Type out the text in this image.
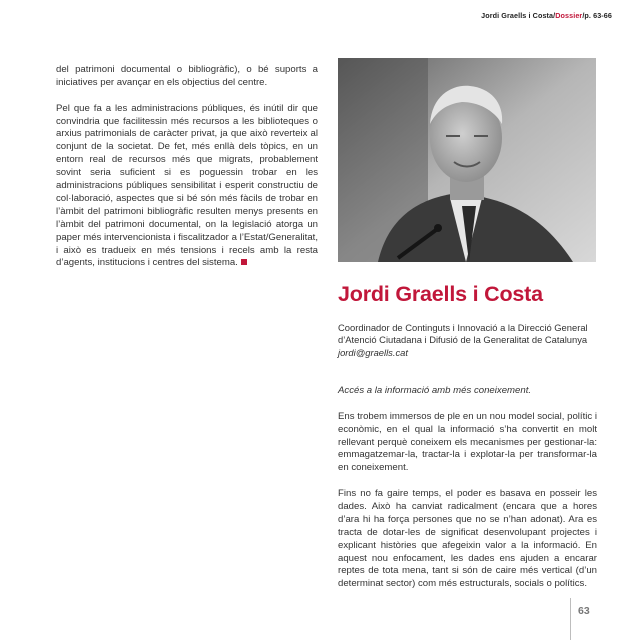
Jordi Graells i Costa/Dossier/p. 63-66

del patrimoni documental o bibliogràfic), o bé suports a iniciatives per avançar en els objectius del centre.

Pel que fa a les administracions públiques, és inútil dir que convindria que facilitessin més recursos a les biblioteques o arxius patrimonials de caràcter privat, ja que això reverteix al conjunt de la societat. De fet, més enllà dels tòpics, en un entorn real de recursos més que migrats, probablement sovint seria suficient si es poguessin trobar en les administracions públiques sensibilitat i esperit constructiu de col·laboració, aspectes que si bé són més fàcils de trobar en l’àmbit del patrimoni bibliogràfic resulten menys presents en l’àmbit del patrimoni documental, on la legislació atorga un paper més intervencionista i fiscalitzador a l’Estat/Generalitat, i això es tradueix en més tensions i recels amb la resta d’agents, institucions i centres del sistema.

Jordi Graells i Costa
Coordinador de Continguts i Innovació a la Direcció General d’Atenció Ciutadana i Difusió de la Generalitat de Catalunya
jordi@graells.cat

Accés a la informació amb més coneixement.

Ens trobem immersos de ple en un nou model social, polític i econòmic, en el qual la informació s’ha convertit en molt rellevant perquè coneixem els mecanismes per gestionar-la: emmagatzemar-la, tractar-la i explotar-la per transformar-la en coneixement.

Fins no fa gaire temps, el poder es basava en posseir les dades. Això ha canviat radicalment (encara que a hores d’ara hi ha força persones que no se n’han adonat). Ara es tracta de dotar-les de significat desenvolupant projectes i explicant històries que afegeixin valor a la informació. En aquest nou enfocament, les dades ens ajuden a encarar reptes de tota mena, tant si són de caire més vertical (d’un determinat sector) com més estructurals, socials o polítics.

63
